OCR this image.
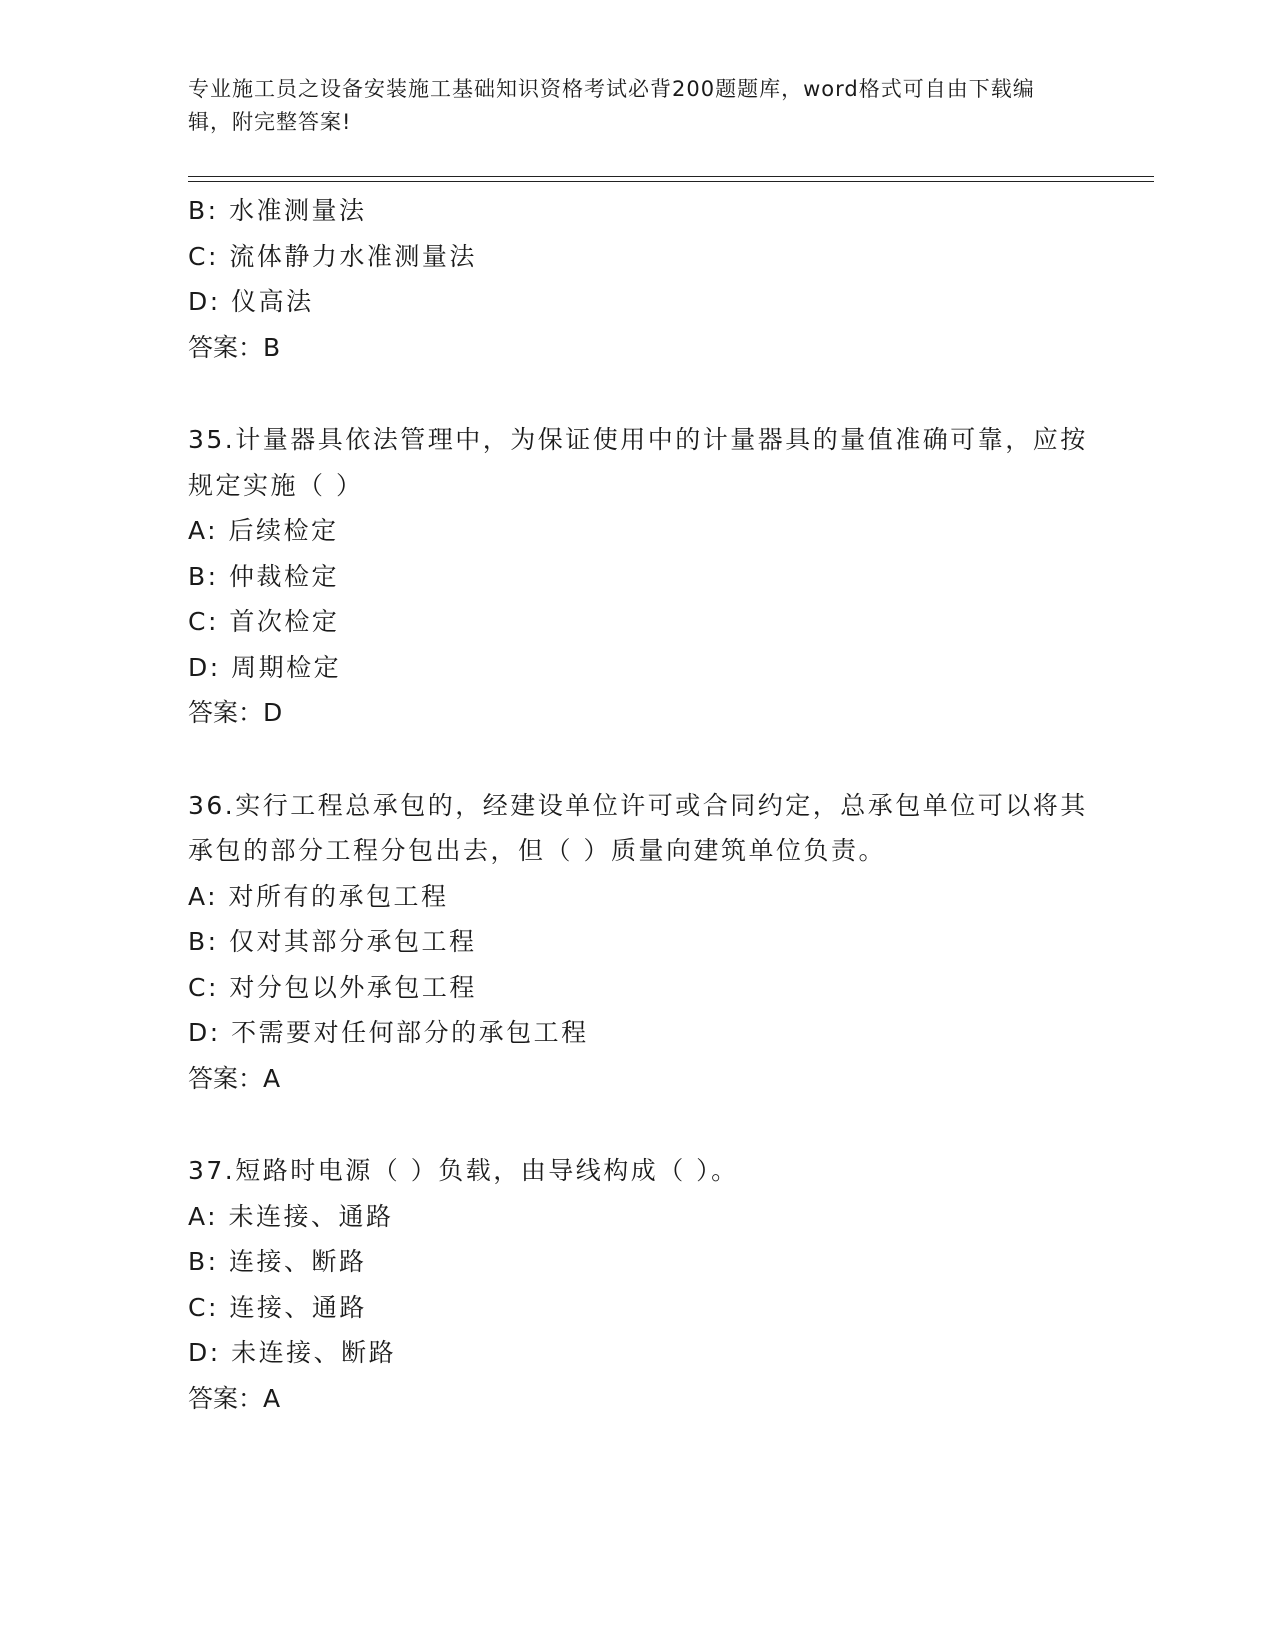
专业施工员之设备安装施工基础知识资格考试必背200题题库，word格式可自由下载编辑，附完整答案!

B: 水准测量法
C: 流体静力水准测量法
D: 仪高法
答案：B
35.计量器具依法管理中，为保证使用中的计量器具的量值准确可靠，应按规定实施（ ）
A: 后续检定
B: 仲裁检定
C: 首次检定
D: 周期检定
答案：D
36.实行工程总承包的，经建设单位许可或合同约定，总承包单位可以将其承包的部分工程分包出去，但（ ）质量向建筑单位负责。
A: 对所有的承包工程
B: 仅对其部分承包工程
C: 对分包以外承包工程
D: 不需要对任何部分的承包工程
答案：A
37.短路时电源（ ）负载，由导线构成（ ）。
A: 未连接、通路
B: 连接、断路
C: 连接、通路
D: 未连接、断路
答案：A
